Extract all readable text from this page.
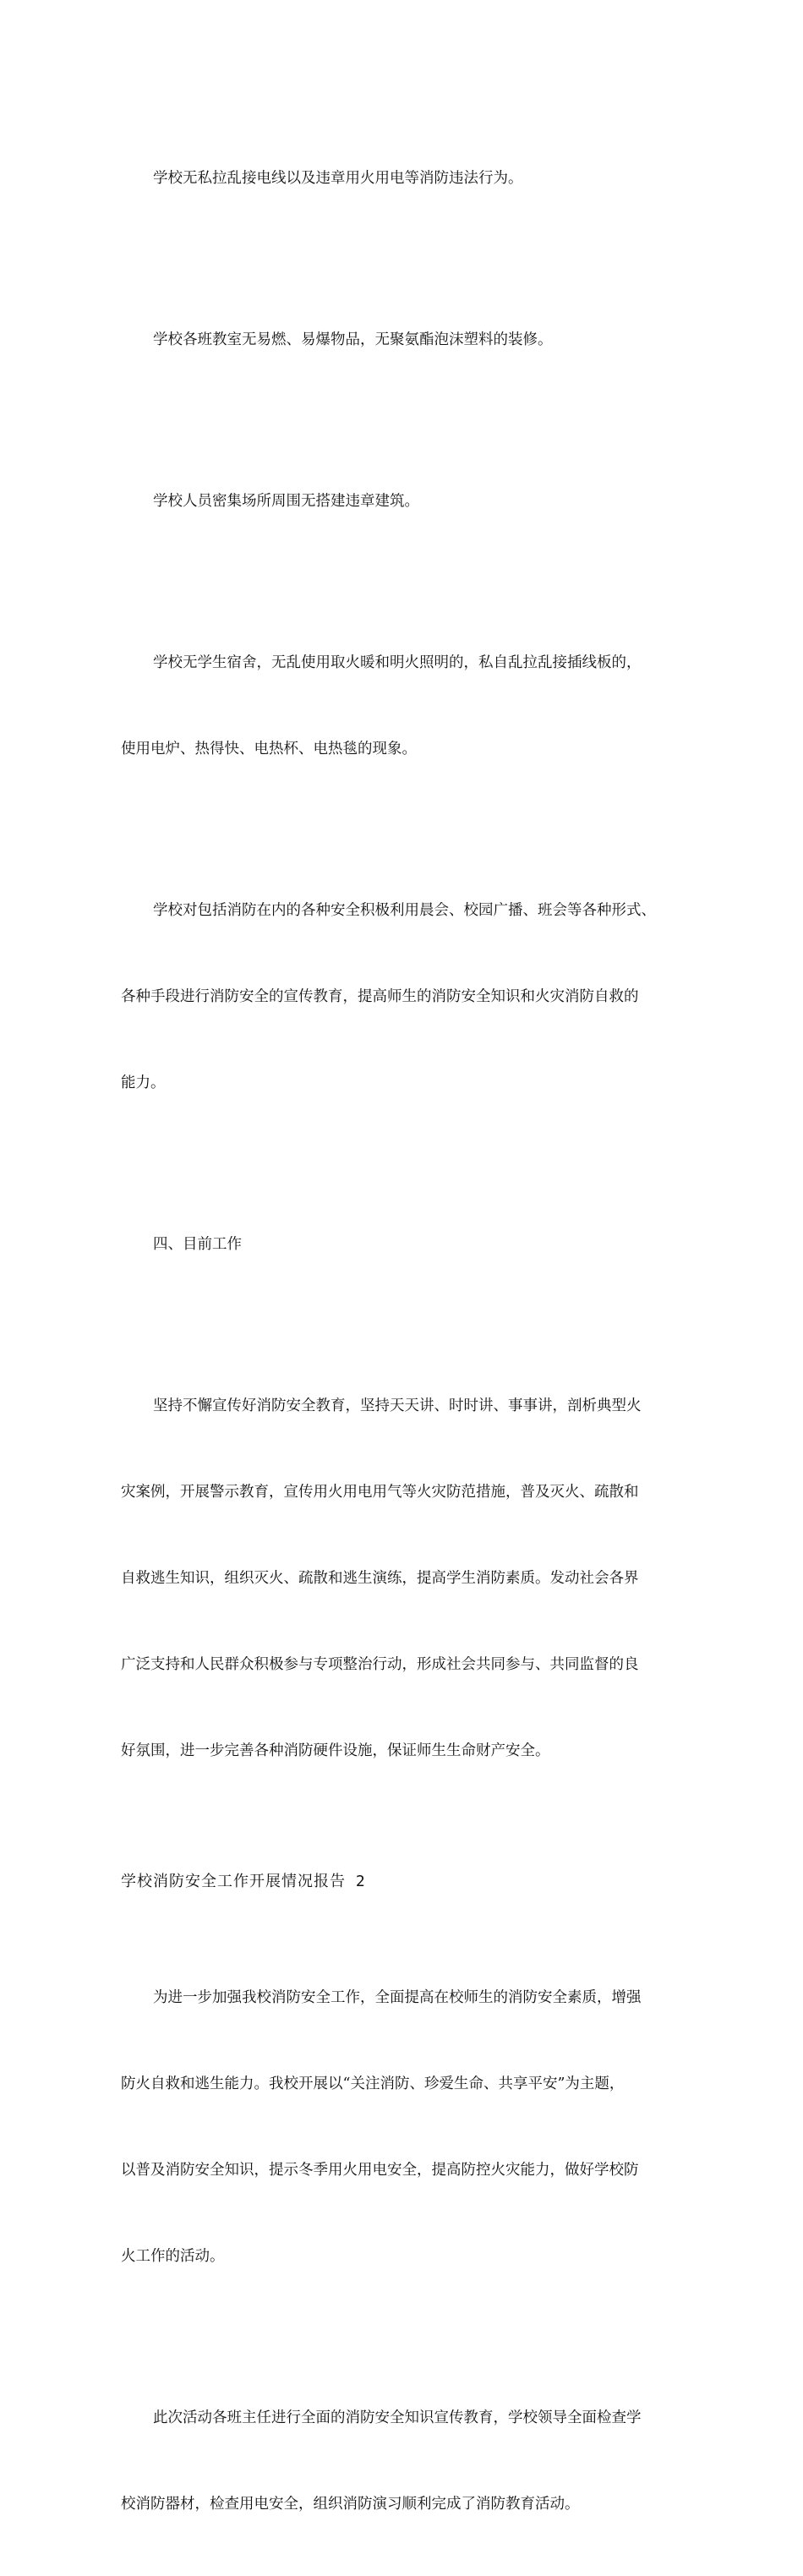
学校无私拉乱接电线以及违章用火用电等消防违法行为。

学校各班教室无易燃、易爆物品，无聚氨酯泡沫塑料的装修。

学校人员密集场所周围无搭建违章建筑。

学校无学生宿舍，无乱使用取火暖和明火照明的，私自乱拉乱接插线板的，

使用电炉、热得快、电热杯、电热毯的现象。

学校对包括消防在内的各种安全积极利用晨会、校园广播、班会等各种形式、

各种手段进行消防安全的宣传教育，提高师生的消防安全知识和火灾消防自救的

能力。

四、目前工作

坚持不懈宣传好消防安全教育，坚持天天讲、时时讲、事事讲，剖析典型火

灾案例，开展警示教育，宣传用火用电用气等火灾防范措施，普及灭火、疏散和

自救逃生知识，组织灭火、疏散和逃生演练，提高学生消防素质。发动社会各界

广泛支持和人民群众积极参与专项整治行动，形成社会共同参与、共同监督的良

好氛围，进一步完善各种消防硬件设施，保证师生生命财产安全。

学校消防安全工作开展情况报告 2

为进一步加强我校消防安全工作，全面提高在校师生的消防安全素质，增强

防火自救和逃生能力。我校开展以“关注消防、珍爱生命、共享平安”为主题，

以普及消防安全知识，提示冬季用火用电安全，提高防控火灾能力，做好学校防

火工作的活动。

此次活动各班主任进行全面的消防安全知识宣传教育，学校领导全面检查学

校消防器材，检查用电安全，组织消防演习顺利完成了消防教育活动。
